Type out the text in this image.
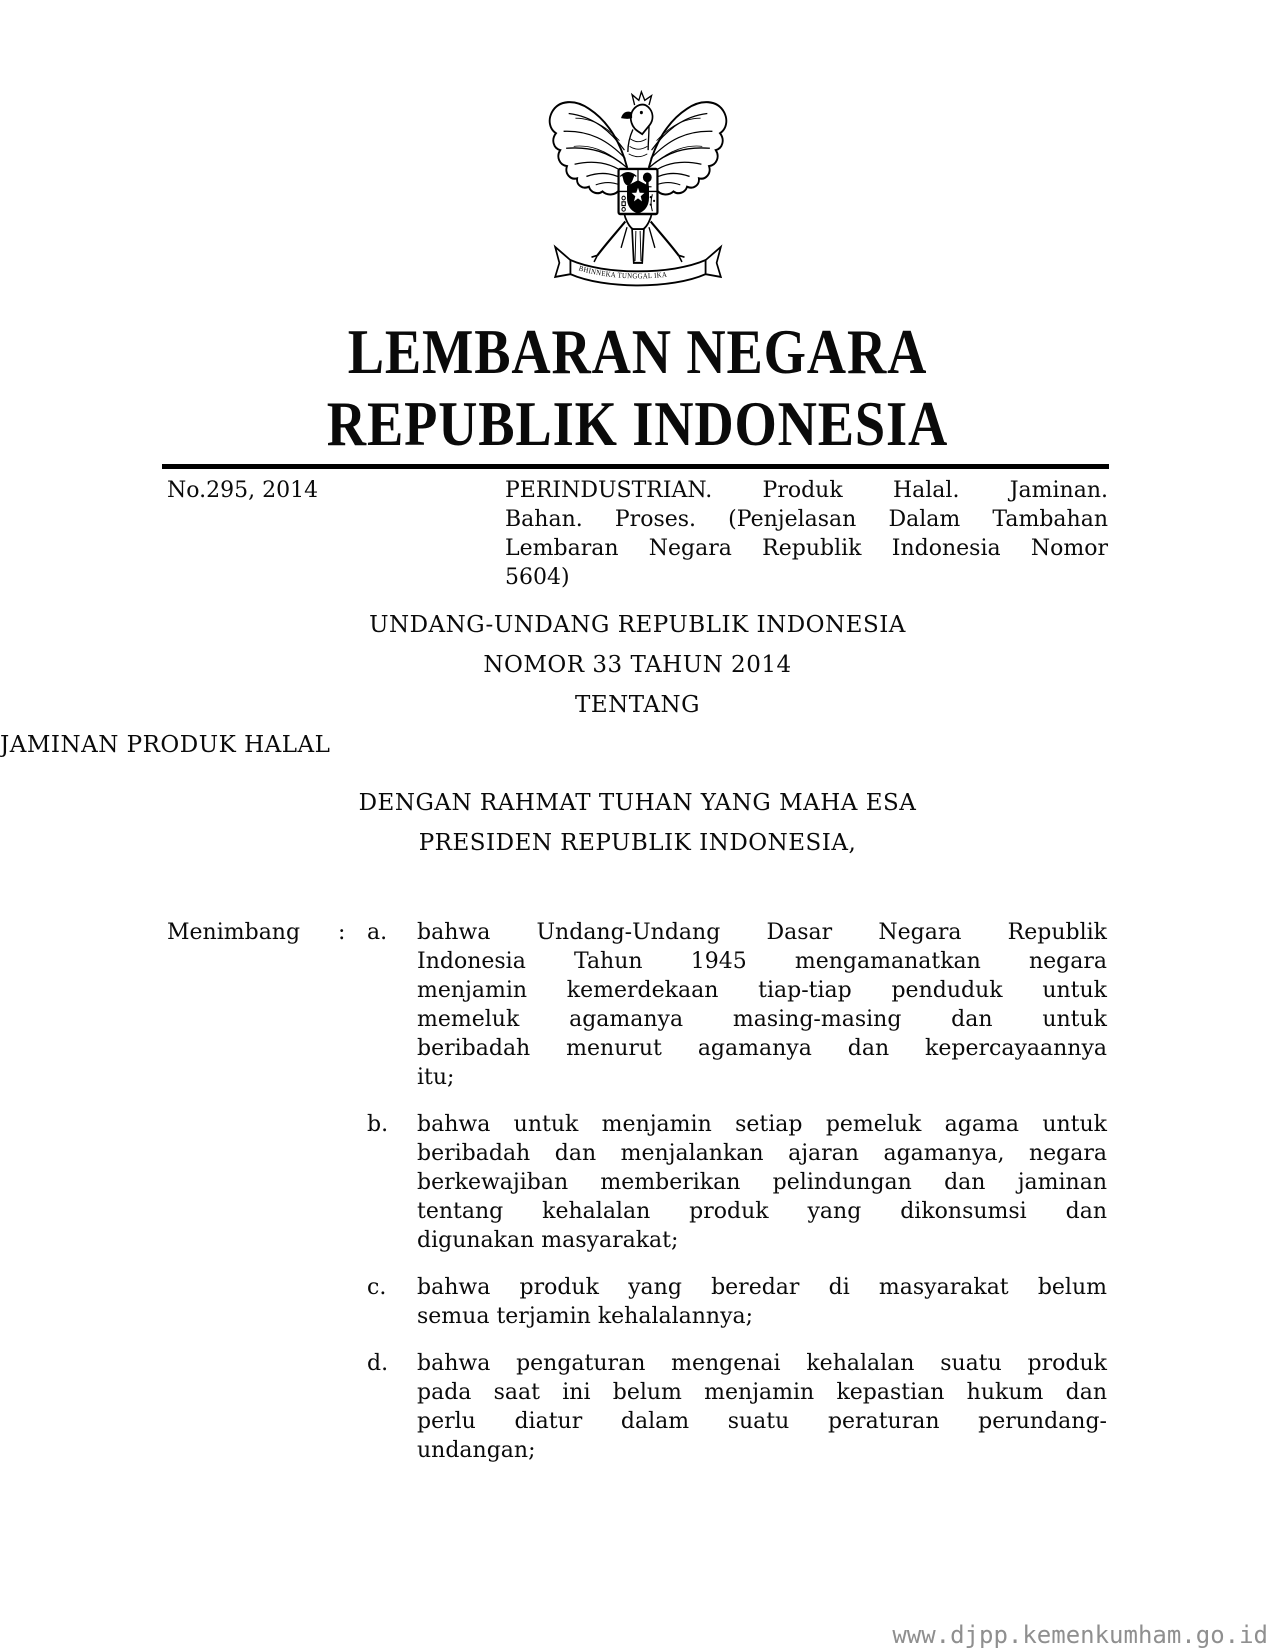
BHINNEKA TUNGGAL IKA
LEMBARAN NEGARA
REPUBLIK INDONESIA
No.295, 2014	PERINDUSTRIAN. Produk Halal. Jaminan.
Bahan. Proses. (Penjelasan Dalam Tambahan
Lembaran Negara Republik Indonesia Nomor
5604)
UNDANG-UNDANG REPUBLIK INDONESIA
NOMOR 33 TAHUN 2014
TENTANG
JAMINAN PRODUK HALAL
DENGAN RAHMAT TUHAN YANG MAHA ESA
PRESIDEN REPUBLIK INDONESIA,
Menimbang	: a.	bahwa Undang-Undang Dasar Negara Republik
Indonesia Tahun 1945 mengamanatkan negara
menjamin kemerdekaan tiap-tiap penduduk untuk
memeluk agamanya masing-masing dan untuk
beribadah menurut agamanya dan kepercayaannya
itu;
b.	bahwa untuk menjamin setiap pemeluk agama untuk
beribadah dan menjalankan ajaran agamanya, negara
berkewajiban memberikan pelindungan dan jaminan
tentang kehalalan produk yang dikonsumsi dan
digunakan masyarakat;
c.	bahwa produk yang beredar di masyarakat belum
semua terjamin kehalalannya;
d.	bahwa pengaturan mengenai kehalalan suatu produk
pada saat ini belum menjamin kepastian hukum dan
perlu diatur dalam suatu peraturan perundang-
undangan;
www.djpp.kemenkumham.go.id
